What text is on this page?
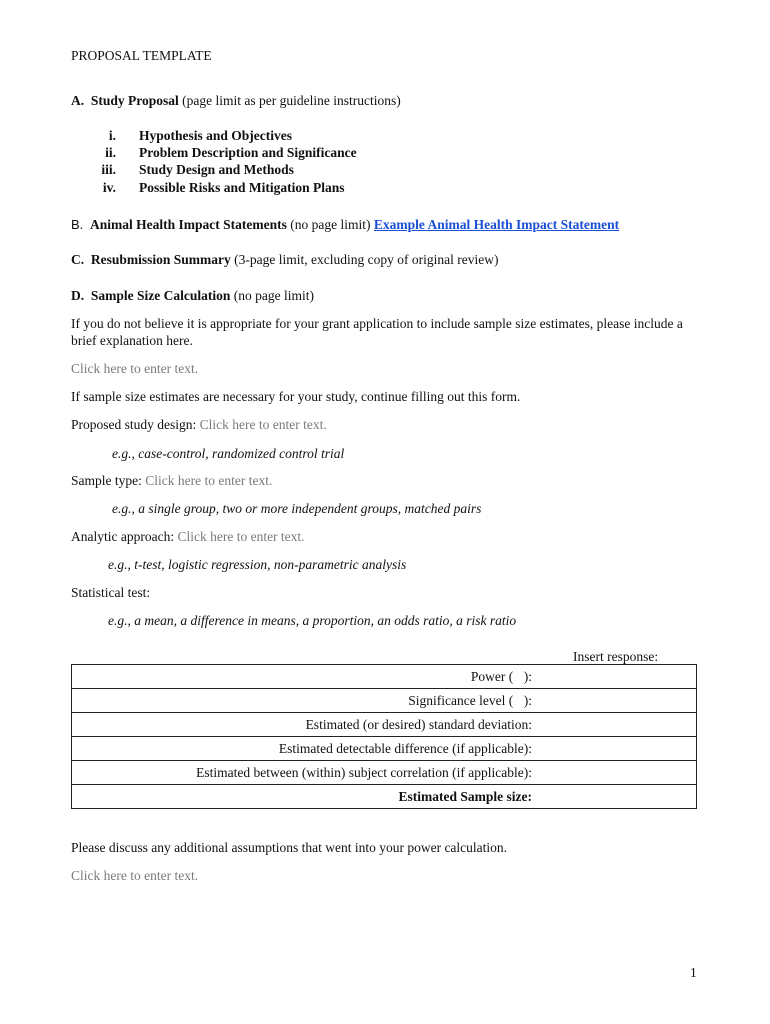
PROPOSAL TEMPLATE
A. Study Proposal (page limit as per guideline instructions)
i. Hypothesis and Objectives
ii. Problem Description and Significance
iii. Study Design and Methods
iv. Possible Risks and Mitigation Plans
B. Animal Health Impact Statements (no page limit) Example Animal Health Impact Statement
C. Resubmission Summary (3-page limit, excluding copy of original review)
D. Sample Size Calculation (no page limit)
If you do not believe it is appropriate for your grant application to include sample size estimates, please include a brief explanation here.
Click here to enter text.
If sample size estimates are necessary for your study, continue filling out this form.
Proposed study design: Click here to enter text.
e.g., case-control, randomized control trial
Sample type: Click here to enter text.
e.g., a single group, two or more independent groups, matched pairs
Analytic approach: Click here to enter text.
e.g., t-test, logistic regression, non-parametric analysis
Statistical test:
e.g., a mean, a difference in means, a proportion, an odds ratio, a risk ratio
Insert response:
Power ( ):	
Significance level ( ):	
Estimated (or desired) standard deviation:	
Estimated detectable difference (if applicable):	
Estimated between (within) subject correlation (if applicable):	
Estimated Sample size:	
Please discuss any additional assumptions that went into your power calculation.
Click here to enter text.
1
